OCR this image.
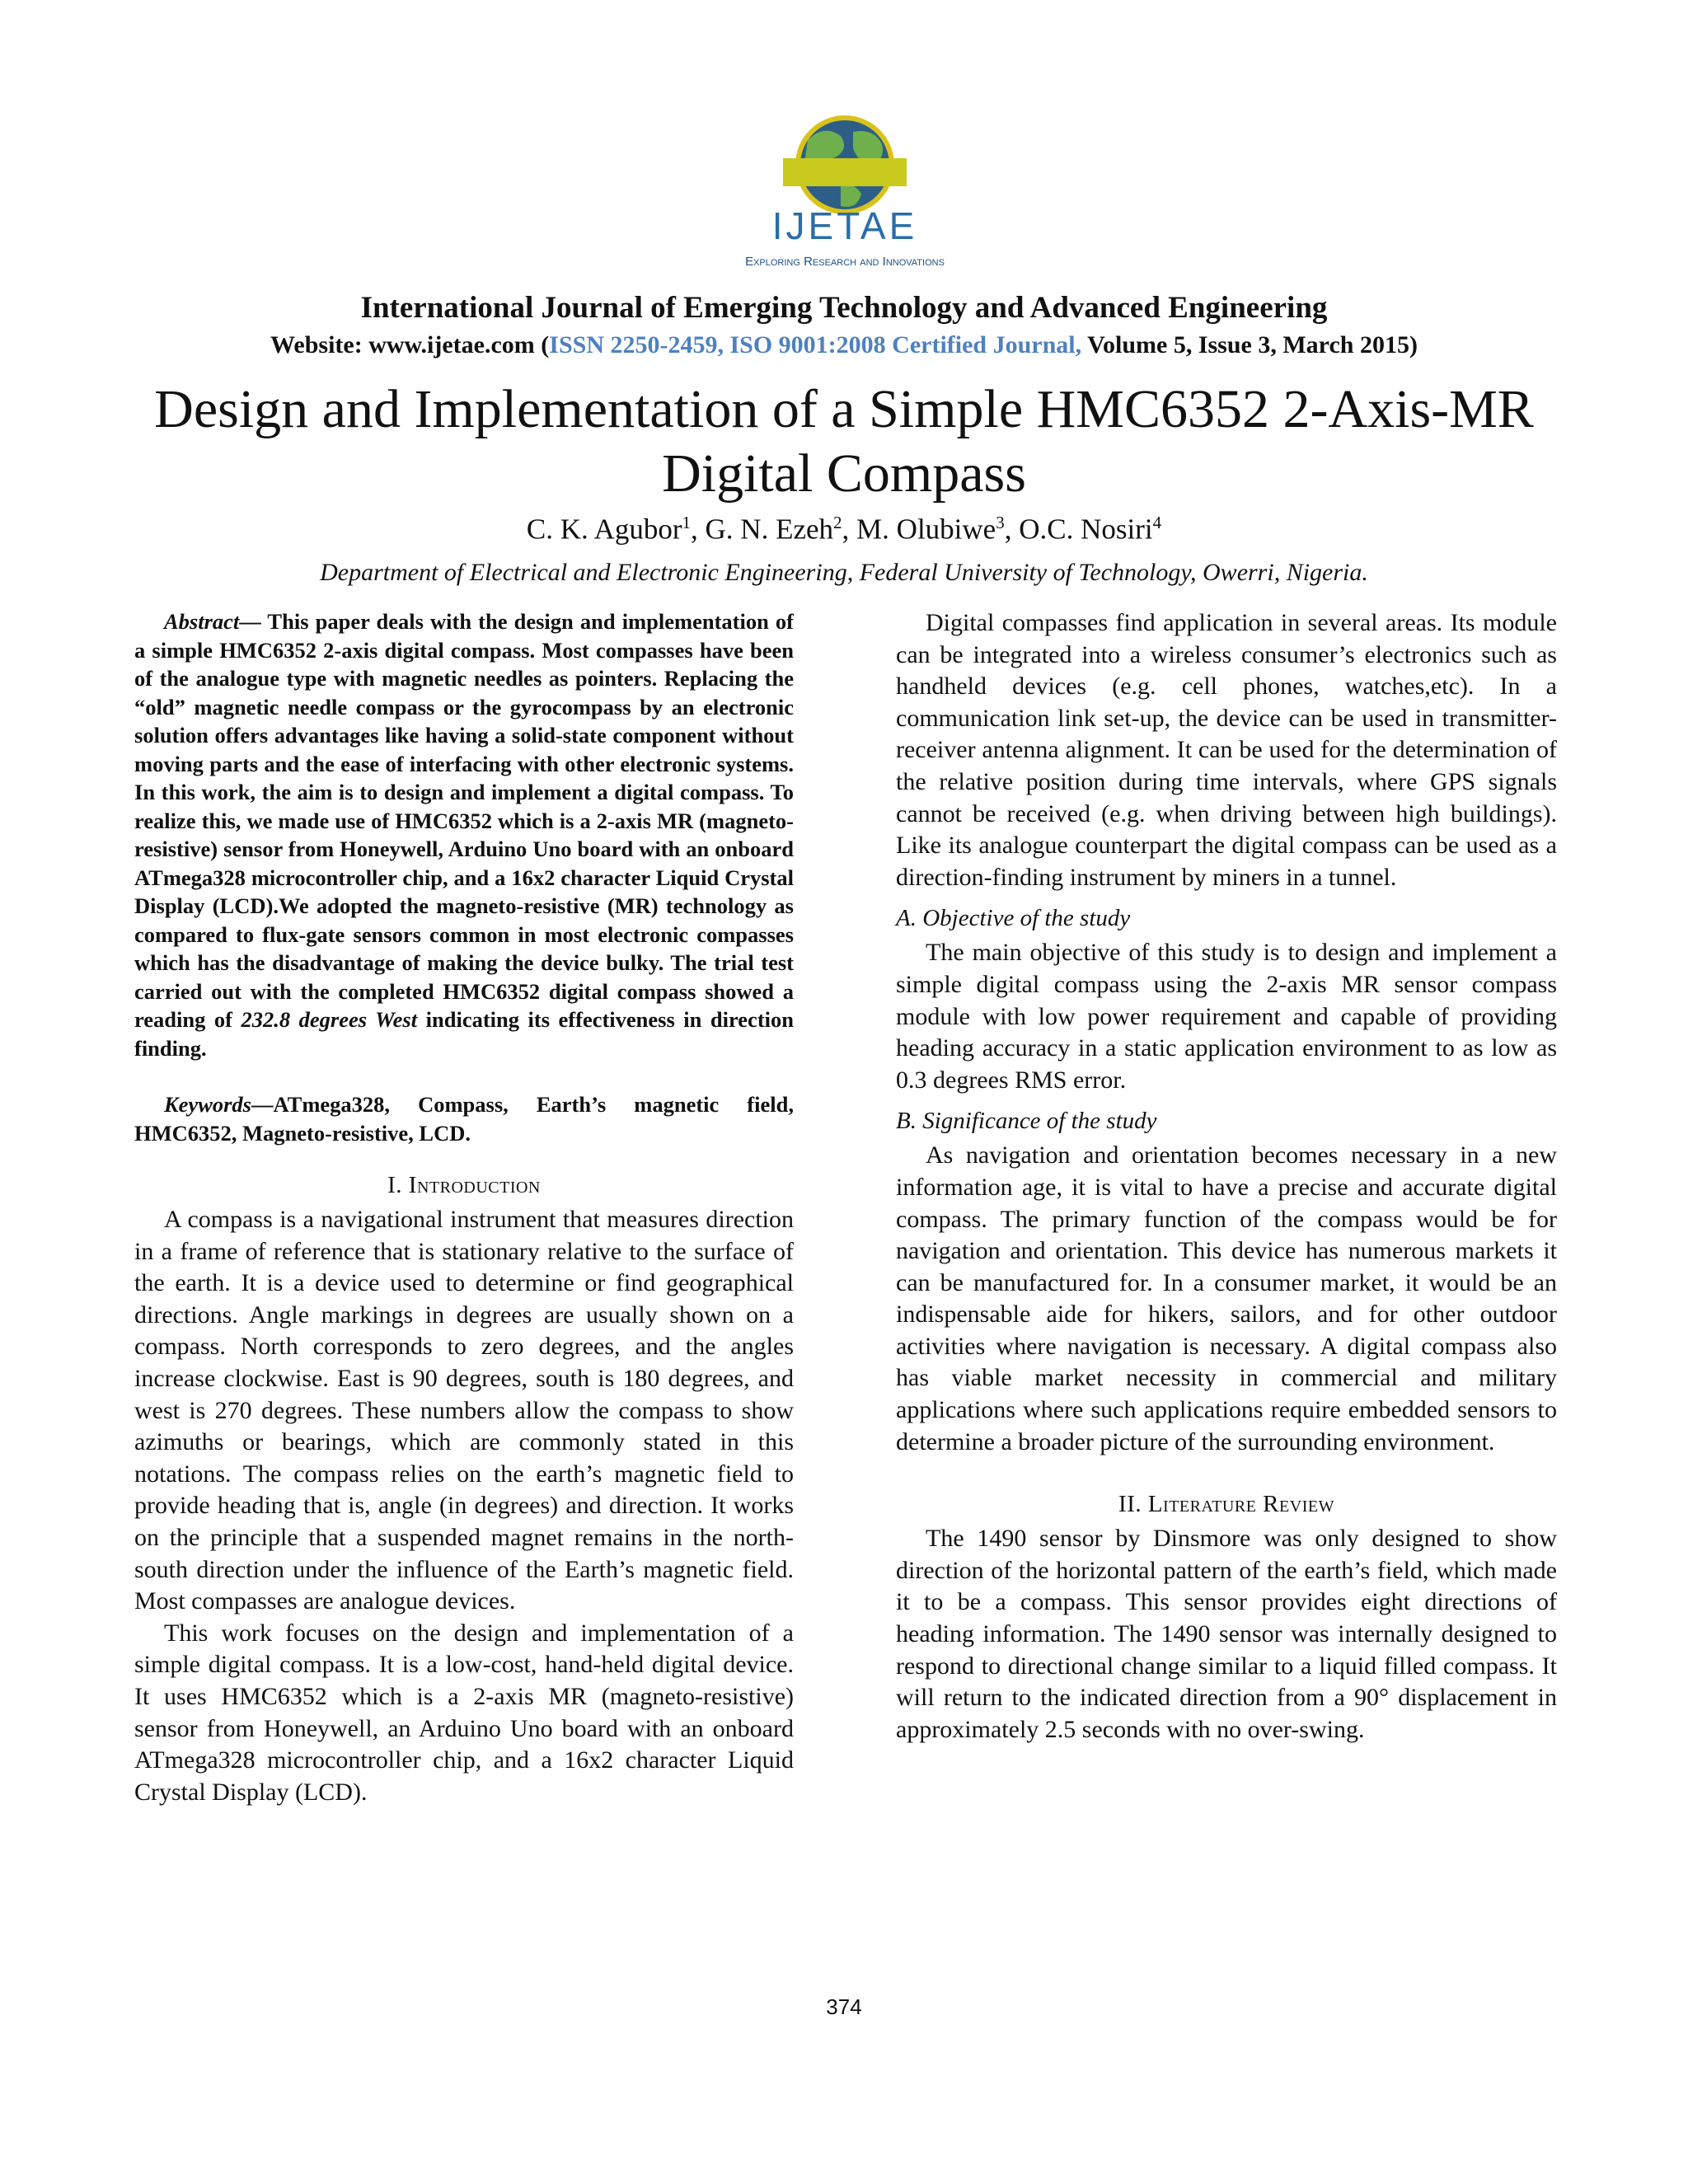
IJETAE
Exploring Research and Innovations
International Journal of Emerging Technology and Advanced Engineering
Website: www.ijetae.com (ISSN 2250-2459, ISO 9001:2008 Certified Journal, Volume 5, Issue 3, March 2015)
Design and Implementation of a Simple HMC6352 2-Axis-MR
Digital Compass
C. K. Agubor$^1$, G. N. Ezeh$^2$, M. Olubiwe$^3$, O.C. Nosiri$^4$
Department of Electrical and Electronic Engineering, Federal University of Technology, Owerri, Nigeria.

Abstract— This paper deals with the design and implementation of a simple HMC6352 2-axis digital compass. Most compasses have been of the analogue type with magnetic needles as pointers. Replacing the “old” magnetic needle compass or the gyrocompass by an electronic solution offers advantages like having a solid-state component without moving parts and the ease of interfacing with other electronic systems. In this work, the aim is to design and implement a digital compass. To realize this, we made use of HMC6352 which is a 2-axis MR (magneto-resistive) sensor from Honeywell, Arduino Uno board with an onboard ATmega328 microcontroller chip, and a 16x2 character Liquid Crystal Display (LCD).We adopted the magneto-resistive (MR) technology as compared to flux-gate sensors common in most electronic compasses which has the disadvantage of making the device bulky. The trial test carried out with the completed HMC6352 digital compass showed a reading of 232.8 degrees West indicating its effectiveness in direction finding.

Keywords—ATmega328, Compass, Earth’s magnetic field, HMC6352, Magneto-resistive, LCD.

I. Introduction

A compass is a navigational instrument that measures direction in a frame of reference that is stationary relative to the surface of the earth. It is a device used to determine or find geographical directions. Angle markings in degrees are usually shown on a compass. North corresponds to zero degrees, and the angles increase clockwise. East is 90 degrees, south is 180 degrees, and west is 270 degrees. These numbers allow the compass to show azimuths or bearings, which are commonly stated in this notations. The compass relies on the earth’s magnetic field to provide heading that is, angle (in degrees) and direction. It works on the principle that a suspended magnet remains in the north-south direction under the influence of the Earth’s magnetic field. Most compasses are analogue devices.

This work focuses on the design and implementation of a simple digital compass. It is a low-cost, hand-held digital device. It uses HMC6352 which is a 2-axis MR (magneto-resistive) sensor from Honeywell, an Arduino Uno board with an onboard ATmega328 microcontroller chip, and a 16x2 character Liquid Crystal Display (LCD).

Digital compasses find application in several areas. Its module can be integrated into a wireless consumer’s electronics such as handheld devices (e.g. cell phones, watches,etc). In a communication link set-up, the device can be used in transmitter-receiver antenna alignment. It can be used for the determination of the relative position during time intervals, where GPS signals cannot be received (e.g. when driving between high buildings). Like its analogue counterpart the digital compass can be used as a direction-finding instrument by miners in a tunnel.

A. Objective of the study

The main objective of this study is to design and implement a simple digital compass using the 2-axis MR sensor compass module with low power requirement and capable of providing heading accuracy in a static application environment to as low as 0.3 degrees RMS error.

B. Significance of the study

As navigation and orientation becomes necessary in a new information age, it is vital to have a precise and accurate digital compass. The primary function of the compass would be for navigation and orientation. This device has numerous markets it can be manufactured for. In a consumer market, it would be an indispensable aide for hikers, sailors, and for other outdoor activities where navigation is necessary. A digital compass also has viable market necessity in commercial and military applications where such applications require embedded sensors to determine a broader picture of the surrounding environment.

II. Literature Review

The 1490 sensor by Dinsmore was only designed to show direction of the horizontal pattern of the earth’s field, which made it to be a compass. This sensor provides eight directions of heading information. The 1490 sensor was internally designed to respond to directional change similar to a liquid filled compass. It will return to the indicated direction from a 90° displacement in approximately 2.5 seconds with no over-swing.

374
